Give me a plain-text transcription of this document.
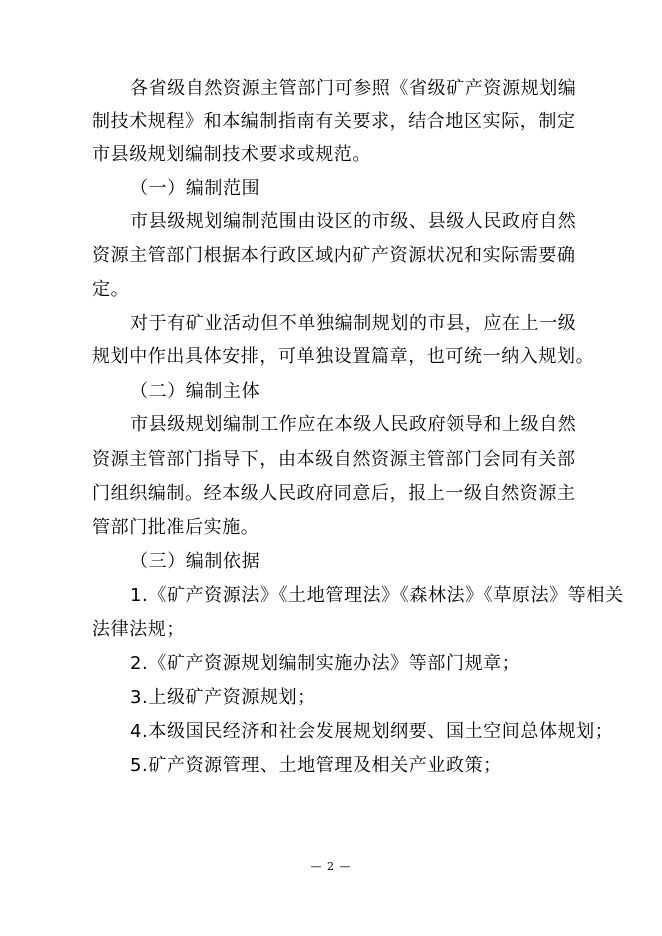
各省级自然资源主管部门可参照《省级矿产资源规划编
制技术规程》和本编制指南有关要求，结合地区实际，制定
市县级规划编制技术要求或规范。
（一）编制范围
市县级规划编制范围由设区的市级、县级人民政府自然
资源主管部门根据本行政区域内矿产资源状况和实际需要确
定。
对于有矿业活动但不单独编制规划的市县，应在上一级
规划中作出具体安排，可单独设置篇章，也可统一纳入规划。
（二）编制主体
市县级规划编制工作应在本级人民政府领导和上级自然
资源主管部门指导下，由本级自然资源主管部门会同有关部
门组织编制。经本级人民政府同意后，报上一级自然资源主
管部门批准后实施。
（三）编制依据
1.《矿产资源法》《土地管理法》《森林法》《草原法》等相关
法律法规；
2.《矿产资源规划编制实施办法》等部门规章；
3.上级矿产资源规划；
4.本级国民经济和社会发展规划纲要、国土空间总体规划；
5.矿产资源管理、土地管理及相关产业政策；
— 2 —
